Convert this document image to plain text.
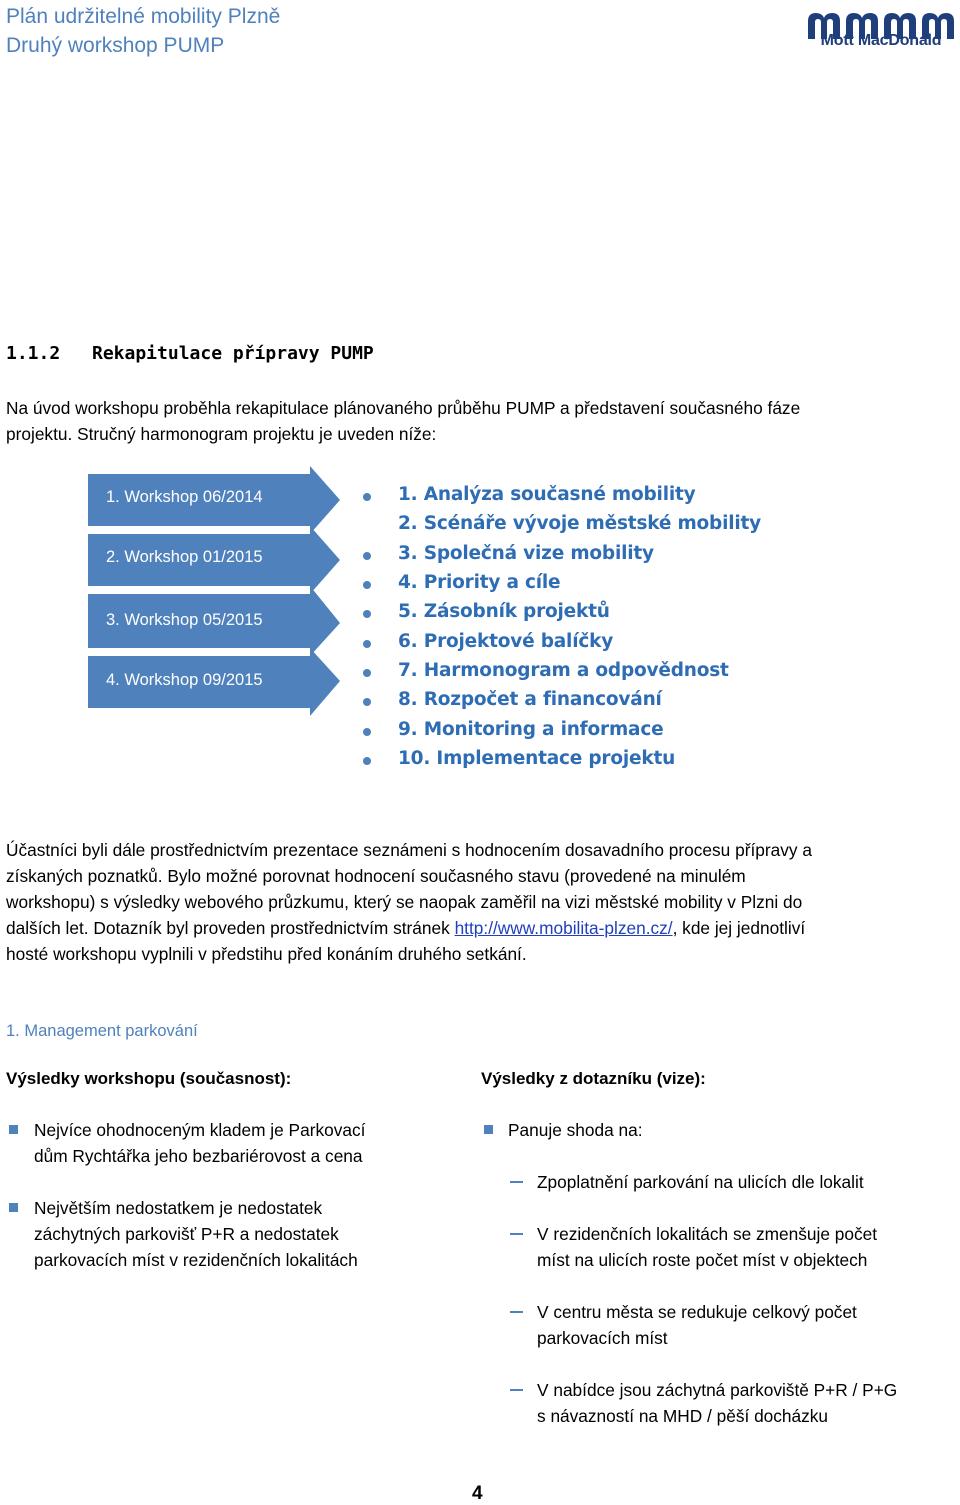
Plán udržitelné mobility Plzně
Druhý workshop PUMP	Mott MacDonald
1.1.2 Rekapitulace přípravy PUMP
Na úvod workshopu proběhla rekapitulace plánovaného průběhu PUMP a představení současného fáze
projektu. Stručný harmonogram projektu je uveden níže:
1. Workshop 06/2014
2. Workshop 01/2015
3. Workshop 05/2015
4. Workshop 09/2015
1. Analýza současné mobility
2. Scénáře vývoje městské mobility
3. Společná vize mobility
4. Priority a cíle
5. Zásobník projektů
6. Projektové balíčky
7. Harmonogram a odpovědnost
8. Rozpočet a financování
9. Monitoring a informace
10. Implementace projektu
Účastníci byli dále prostřednictvím prezentace seznámeni s hodnocením dosavadního procesu přípravy a
získaných poznatků. Bylo možné porovnat hodnocení současného stavu (provedené na minulém
workshopu) s výsledky webového průzkumu, který se naopak zaměřil na vizi městské mobility v Plzni do
dalších let. Dotazník byl proveden prostřednictvím stránek http://www.mobilita-plzen.cz/, kde jej jednotliví
hosté workshopu vyplnili v předstihu před konáním druhého setkání.
1. Management parkování
Výsledky workshopu (současnost):
Nejvíce ohodnoceným kladem je Parkovací
dům Rychtářka jeho bezbariérovost a cena
Největším nedostatkem je nedostatek
záchytných parkovišť P+R a nedostatek
parkovacích míst v rezidenčních lokalitách
Výsledky z dotazníku (vize):
Panuje shoda na:
Zpoplatnění parkování na ulicích dle lokalit
V rezidenčních lokalitách se zmenšuje počet
míst na ulicích roste počet míst v objektech
V centru města se redukuje celkový počet
parkovacích míst
V nabídce jsou záchytná parkoviště P+R / P+G
s návazností na MHD / pěší docházku
4
